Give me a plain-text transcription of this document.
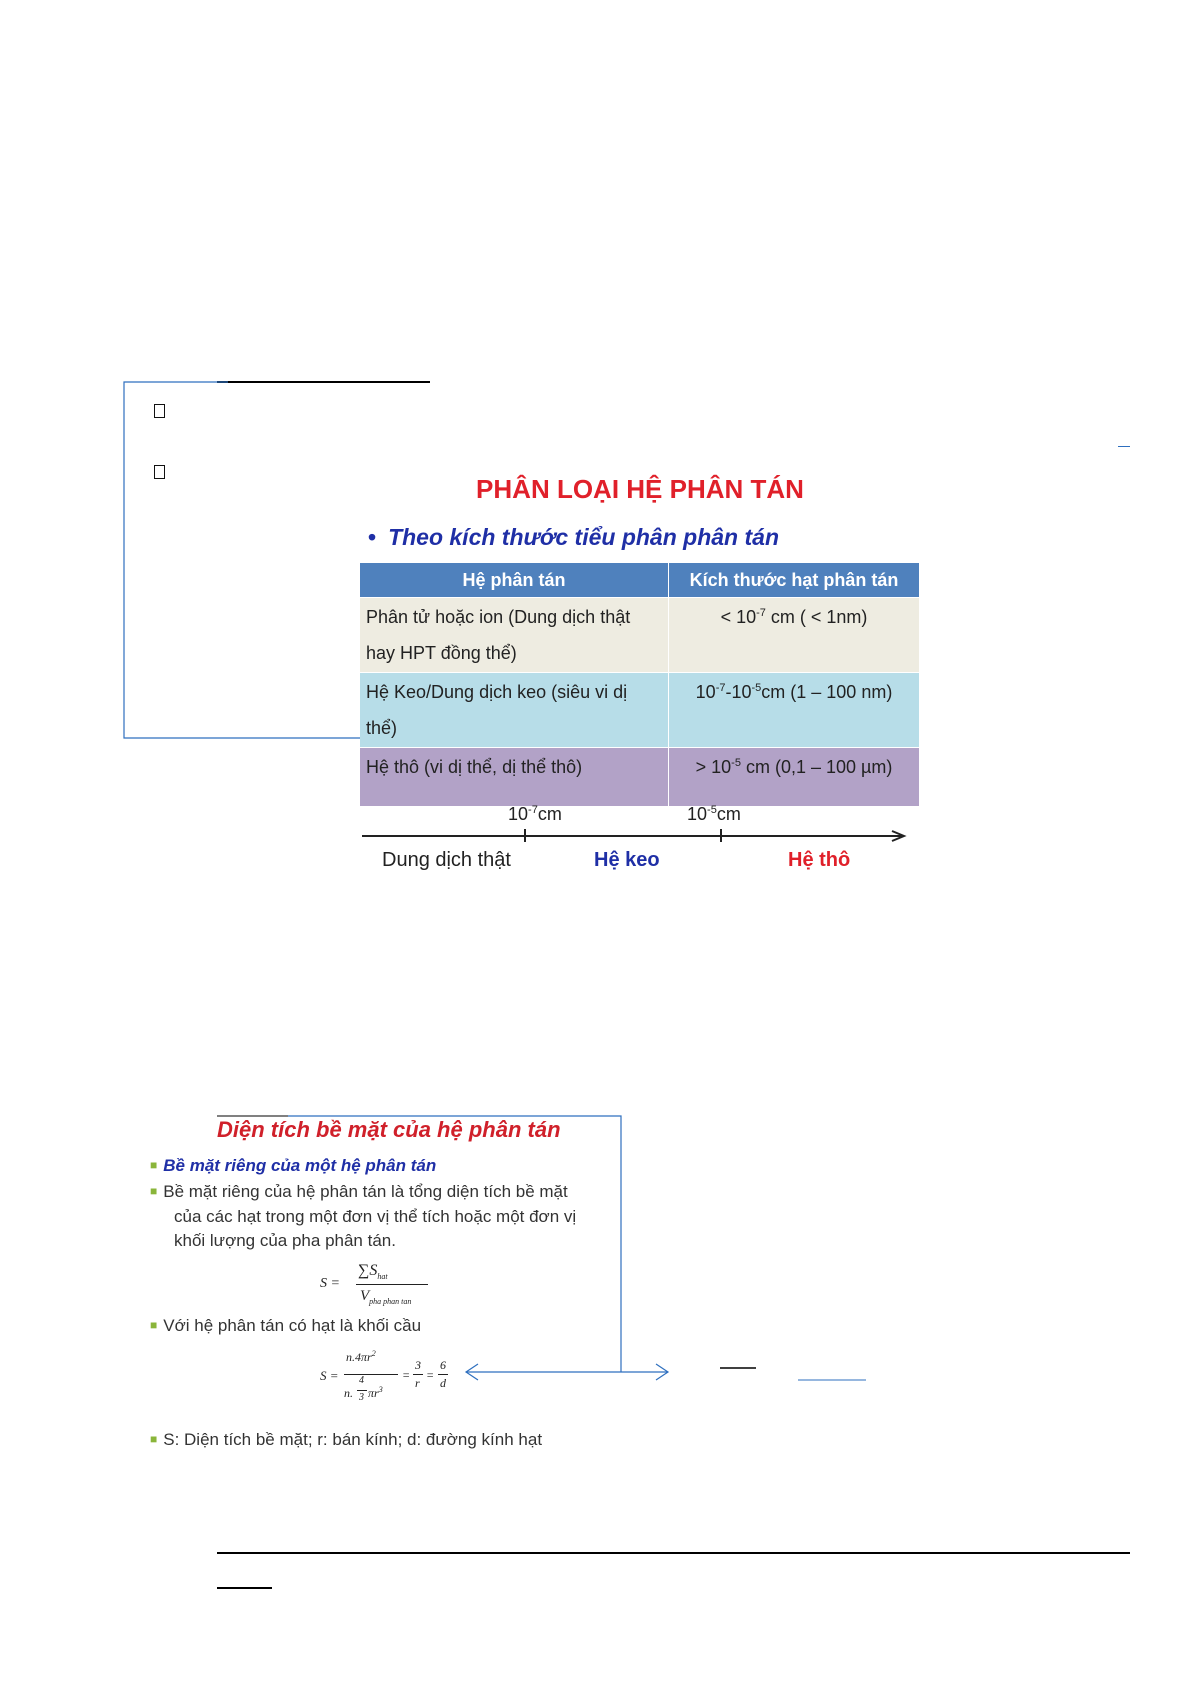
PHÂN LOẠI HỆ PHÂN TÁN
• Theo kích thước tiểu phân phân tán
Hệ phân tán	Kích thước hạt phân tán
Phân tử hoặc ion (Dung dịch thật
hay HPT đồng thể)	< $10^{-7}$ cm ( < 1nm)
Hệ Keo/Dung dịch keo (siêu vi dị
thể)	$10^{-7}-10^{-5}cm$ (1 – 100 nm)
Hệ thô (vi dị thể, dị thể thô)	> $10^{-5}$ cm (0,1 – 100 µm)
$10^{-7}cm$	$10^{-5}cm$
Dung dịch thật	Hệ keo	Hệ thô
Diện tích bề mặt của hệ phân tán
■ Bề mặt riêng của một hệ phân tán
■ Bề mặt riêng của hệ phân tán là tổng diện tích bề mặt
của các hạt trong một đơn vị thể tích hoặc một đơn vị
khối lượng của pha phân tán.
S =
$\sum S_{hat}$
$V_{pha phan tan}$
■ Với hệ phân tán có hạt là khối cầu
S =
$n.4\pi r^2$
n.
4
3 $\pi r^3$
=
3
r
=
6
d
■ S: Diện tích bề mặt; r: bán kính; d: đường kính hạt
